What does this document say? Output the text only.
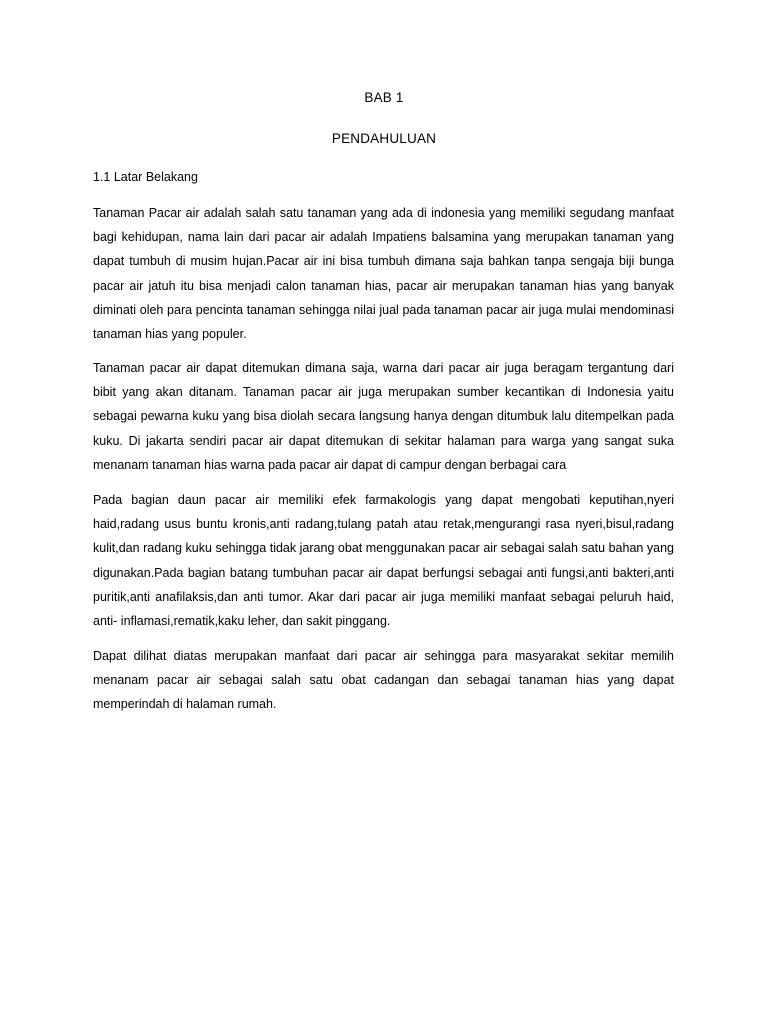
BAB 1
PENDAHULUAN
1.1 Latar Belakang

Tanaman Pacar air adalah salah satu tanaman yang ada di indonesia yang memiliki segudang manfaat bagi kehidupan, nama lain dari pacar air adalah Impatiens balsamina yang merupakan tanaman yang dapat tumbuh di musim hujan.Pacar air ini bisa tumbuh dimana saja bahkan tanpa sengaja biji bunga pacar air jatuh itu bisa menjadi calon tanaman hias, pacar air merupakan tanaman hias yang banyak diminati oleh para pencinta tanaman sehingga nilai jual pada tanaman pacar air juga mulai mendominasi tanaman hias yang populer.

Tanaman pacar air dapat ditemukan dimana saja, warna dari pacar air juga beragam tergantung dari bibit yang akan ditanam. Tanaman pacar air juga merupakan sumber kecantikan di Indonesia yaitu sebagai pewarna kuku yang bisa diolah secara langsung hanya dengan ditumbuk lalu ditempelkan pada kuku. Di jakarta sendiri pacar air dapat ditemukan di sekitar halaman para warga yang sangat suka menanam tanaman hias warna pada pacar air dapat di campur dengan berbagai cara

Pada bagian daun pacar air memiliki efek farmakologis yang dapat mengobati keputihan,nyeri haid,radang usus buntu kronis,anti radang,tulang patah atau retak,mengurangi rasa nyeri,bisul,radang kulit,dan radang kuku sehingga tidak jarang obat menggunakan pacar air sebagai salah satu bahan yang digunakan.Pada bagian batang tumbuhan pacar air dapat berfungsi sebagai anti fungsi,anti bakteri,anti puritik,anti anafilaksis,dan anti tumor. Akar dari pacar air juga memiliki manfaat sebagai peluruh haid, anti- inflamasi,rematik,kaku leher, dan sakit pinggang.

Dapat dilihat diatas merupakan manfaat dari pacar air sehingga para masyarakat sekitar memilih menanam pacar air sebagai salah satu obat cadangan dan sebagai tanaman hias yang dapat memperindah di halaman rumah.
